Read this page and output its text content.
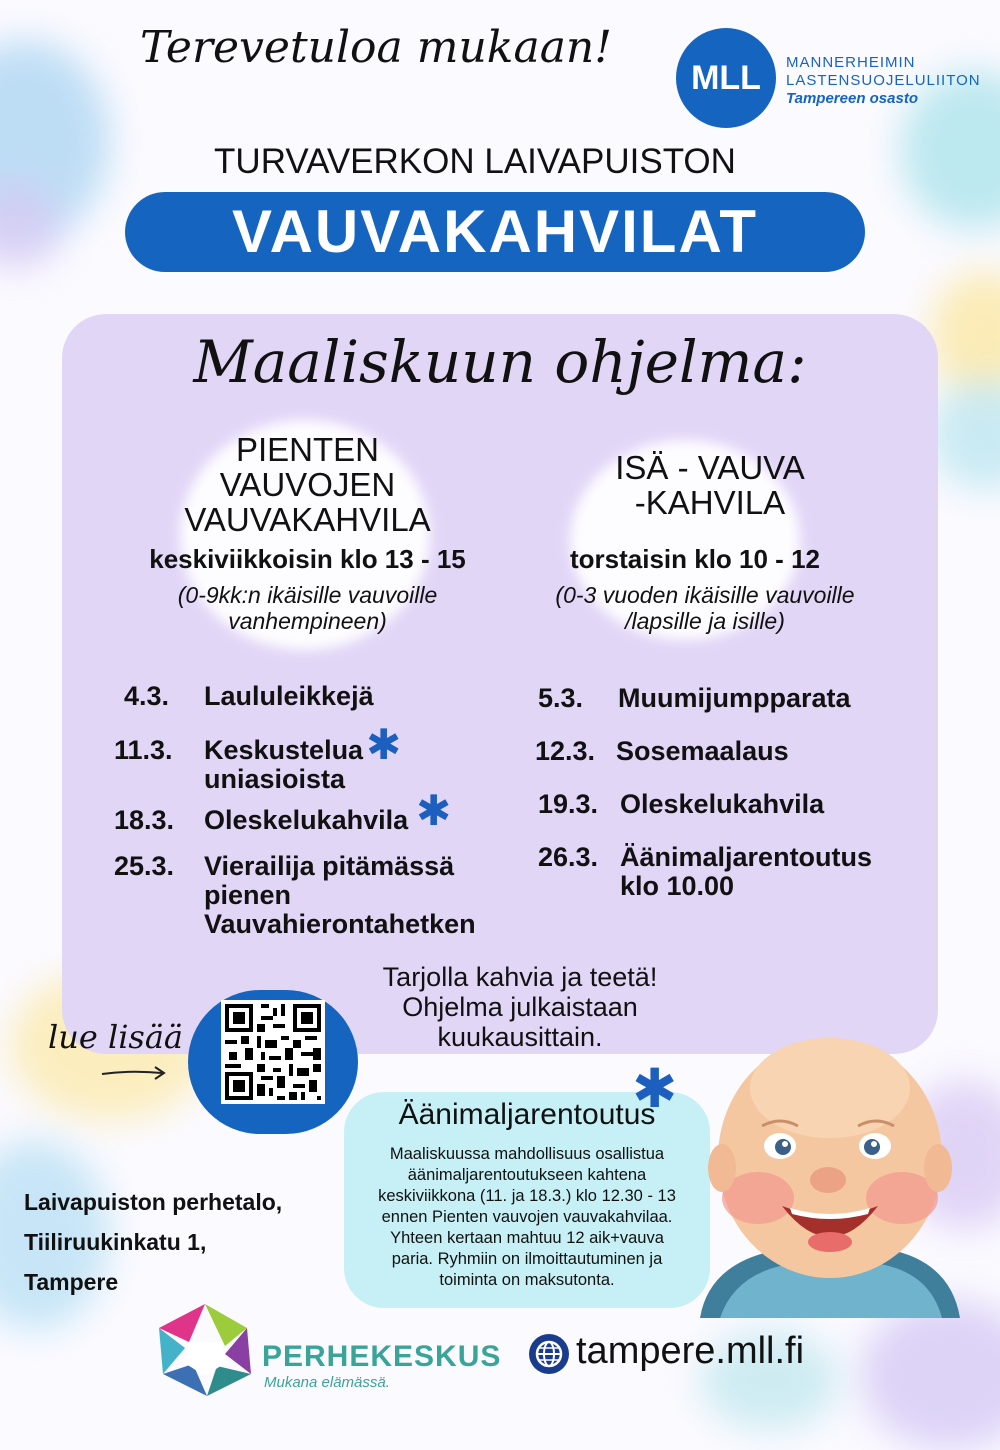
Terevetuloa mukaan!
MLL	MANNERHEIMIN
LASTENSUOJELULIITON
Tampereen osasto
TURVAVERKON LAIVAPUISTON
VAUVAKAHVILAT
Maaliskuun ohjelma:
PIENTEN
VAUVOJEN
VAUVAKAHVILA
keskiviikkoisin klo 13 - 15
(0-9kk:n ikäisille vauvoille
vanhempineen)
ISÄ - VAUVA
-KAHVILA
torstaisin klo 10 - 12
(0-3 vuoden ikäisille vauvoille
/lapsille ja isille)
4.3. Laululeikkejä
11.3. Keskustelua
uniasioista
✱
18.3. Oleskelukahvila ✱
25.3. Vierailija pitämässä
pienen
Vauvahierontahetken
5.3. Muumijumpparata
12.3. Sosemaalaus
19.3. Oleskelukahvila
26.3. Äänimaljarentoutus
klo 10.00
Tarjolla kahvia ja teetä!
Ohjelma julkaistaan
kuukausittain.
lue lisää
✱
Äänimaljarentoutus
Maaliskuussa mahdollisuus osallistua
äänimaljarentoutukseen kahtena
keskiviikkona (11. ja 18.3.) klo 12.30 - 13
ennen Pienten vauvojen vauvakahvilaa.
Yhteen kertaan mahtuu 12 aik+vauva
paria. Ryhmiin on ilmoittautuminen ja
toiminta on maksutonta.
Laivapuiston perhetalo,
Tiiliruukinkatu 1,
Tampere
PERHEKESKUS
Mukana elämässä.
tampere.mll.fi
